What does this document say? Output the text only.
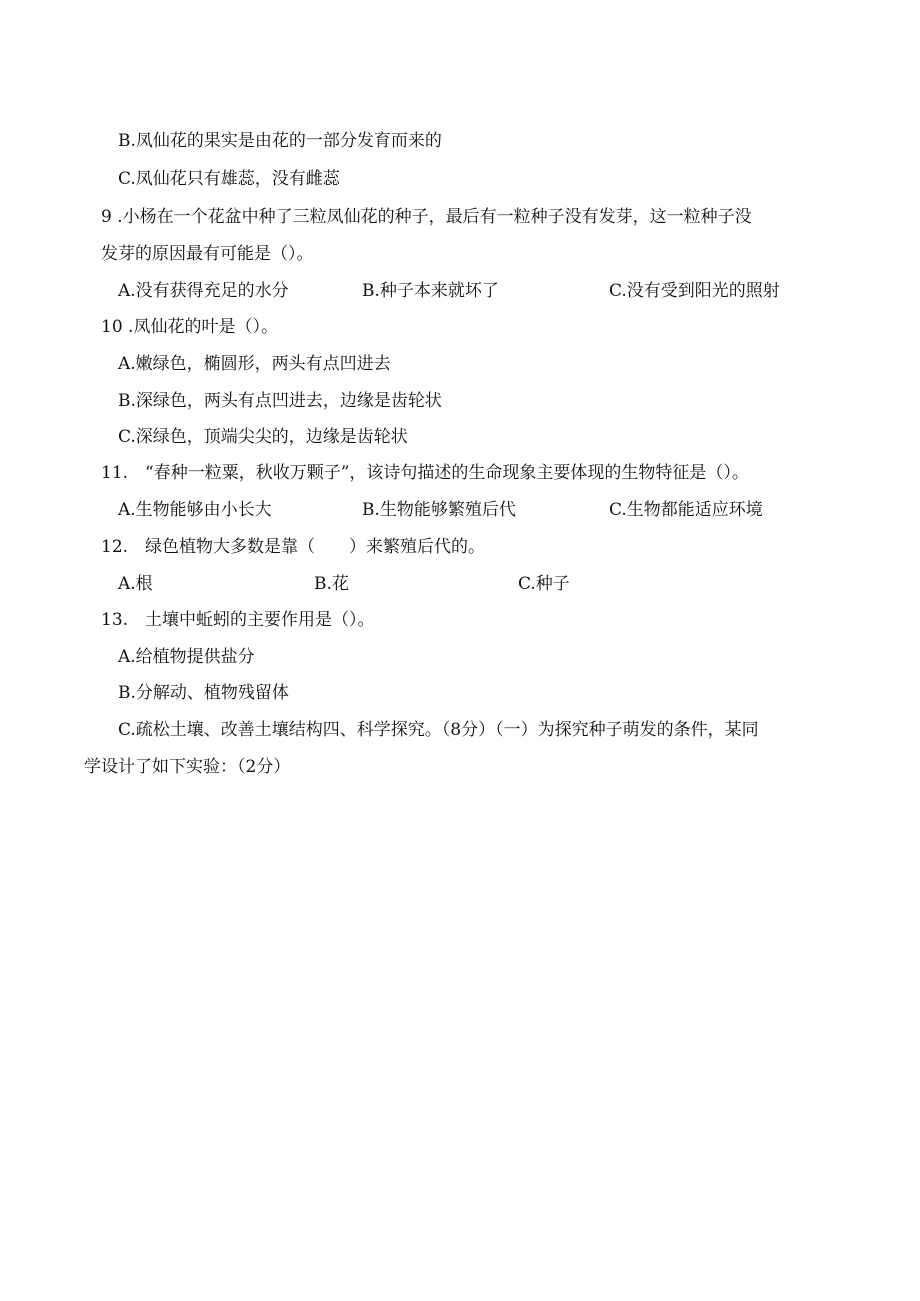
B.凤仙花的果实是由花的一部分发育而来的
C.凤仙花只有雄蕊，没有雌蕊
9 .小杨在一个花盆中种了三粒凤仙花的种子，最后有一粒种子没有发芽，这一粒种子没
发芽的原因最有可能是（）。
A.没有获得充足的水分	B.种子本来就坏了	C.没有受到阳光的照射
10 .凤仙花的叶是（）。
A.嫩绿色，椭圆形，两头有点凹进去
B.深绿色，两头有点凹进去，边缘是齿轮状
C.深绿色，顶端尖尖的，边缘是齿轮状
11.　“春种一粒粟，秋收万颗子”，该诗句描述的生命现象主要体现的生物特征是（）。
A.生物能够由小长大	B.生物能够繁殖后代	C.生物都能适应环境
12.　绿色植物大多数是靠（　　）来繁殖后代的。
A.根	B.花	C.种子
13.　土壤中蚯蚓的主要作用是（）。
A.给植物提供盐分
B.分解动、植物残留体
C.疏松土壤、改善土壤结构四、科学探究。（8分）（一）为探究种子萌发的条件，某同
学设计了如下实验：（2分）
